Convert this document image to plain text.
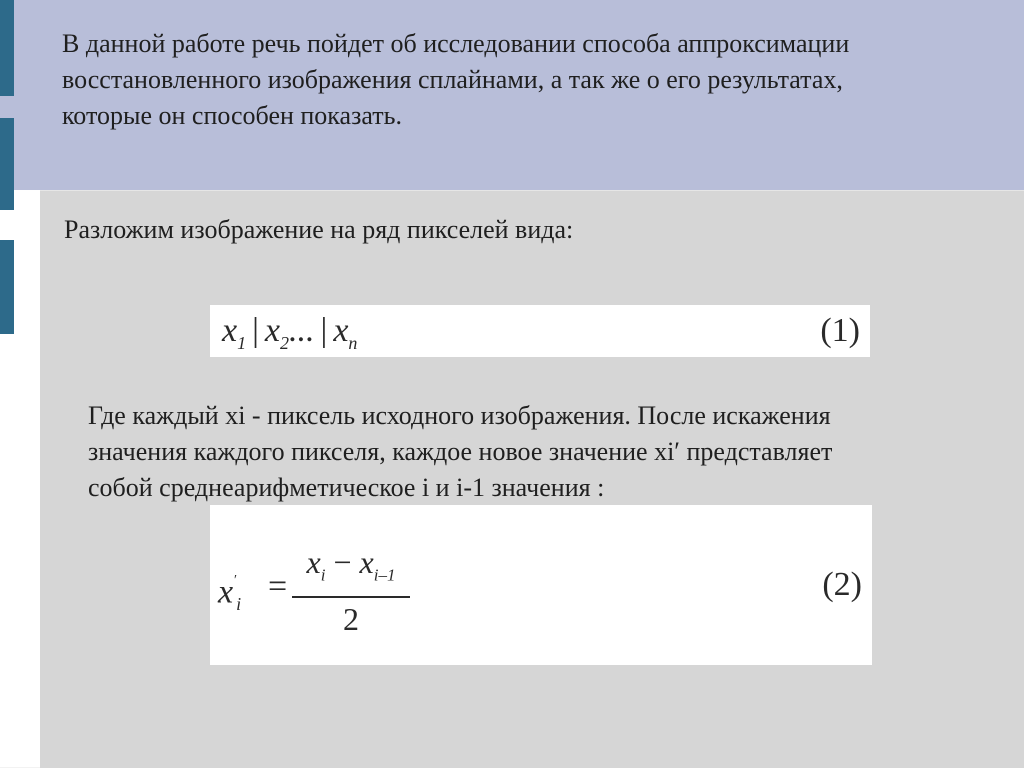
В данной работе речь пойдет об исследовании способа аппроксимации
восстановленного изображения сплайнами, а так же о его результатах,
которые он способен показать.

Разложим изображение на ряд пикселей вида:

$x_1$ | $x_2$... | $x_n$	(1)

Где каждый xi - пиксель исходного изображения. После искажения
значения каждого пикселя, каждое новое значение xi′ представляет
собой среднеарифметическое i и i-1 значения :

$x'_i = \frac{x_i - x_{i-1}}{2}$	(2)
